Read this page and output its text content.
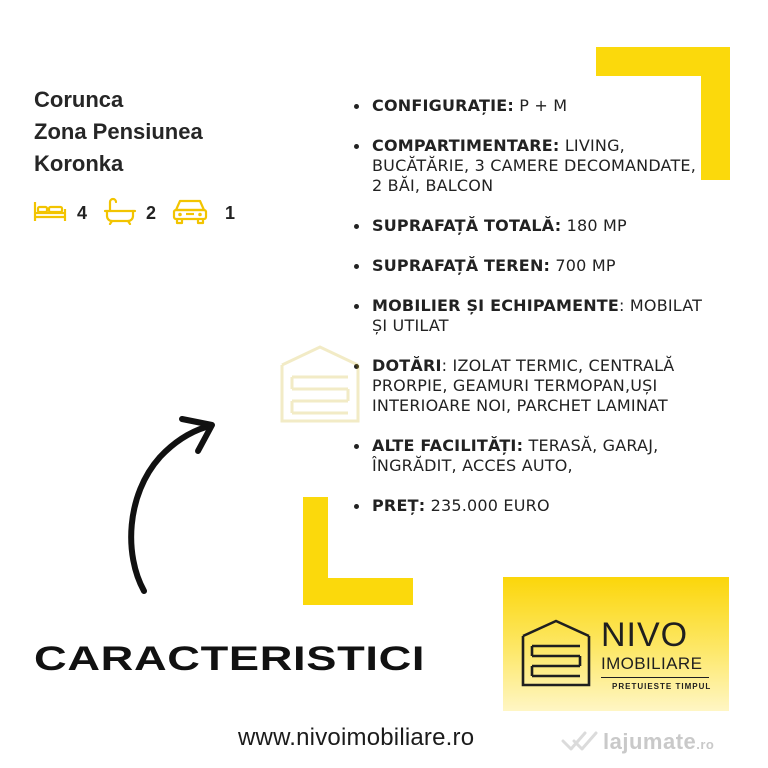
Corunca
Zona Pensiunea
Koronka
4	2	1
CONFIGURAȚIE: P + M
COMPARTIMENTARE: LIVING, BUCĂTĂRIE, 3 CAMERE DECOMANDATE, 2 BĂI, BALCON
SUPRAFAȚĂ TOTALĂ: 180 MP
SUPRAFAȚĂ TEREN: 700 MP
MOBILIER ȘI ECHIPAMENTE: MOBILAT ȘI UTILAT
DOTĂRI: IZOLAT TERMIC, CENTRALĂ PRORPIE, GEAMURI TERMOPAN,UȘI INTERIOARE NOI, PARCHET LAMINAT
ALTE FACILITĂȚI: TERASĂ, GARAJ, ÎNGRĂDIT, ACCES AUTO,
PREȚ: 235.000 EURO
CARACTERISTICI
NIVO
IMOBILIARE
PRETUIESTE TIMPUL
www.nivoimobiliare.ro	lajumate.ro
